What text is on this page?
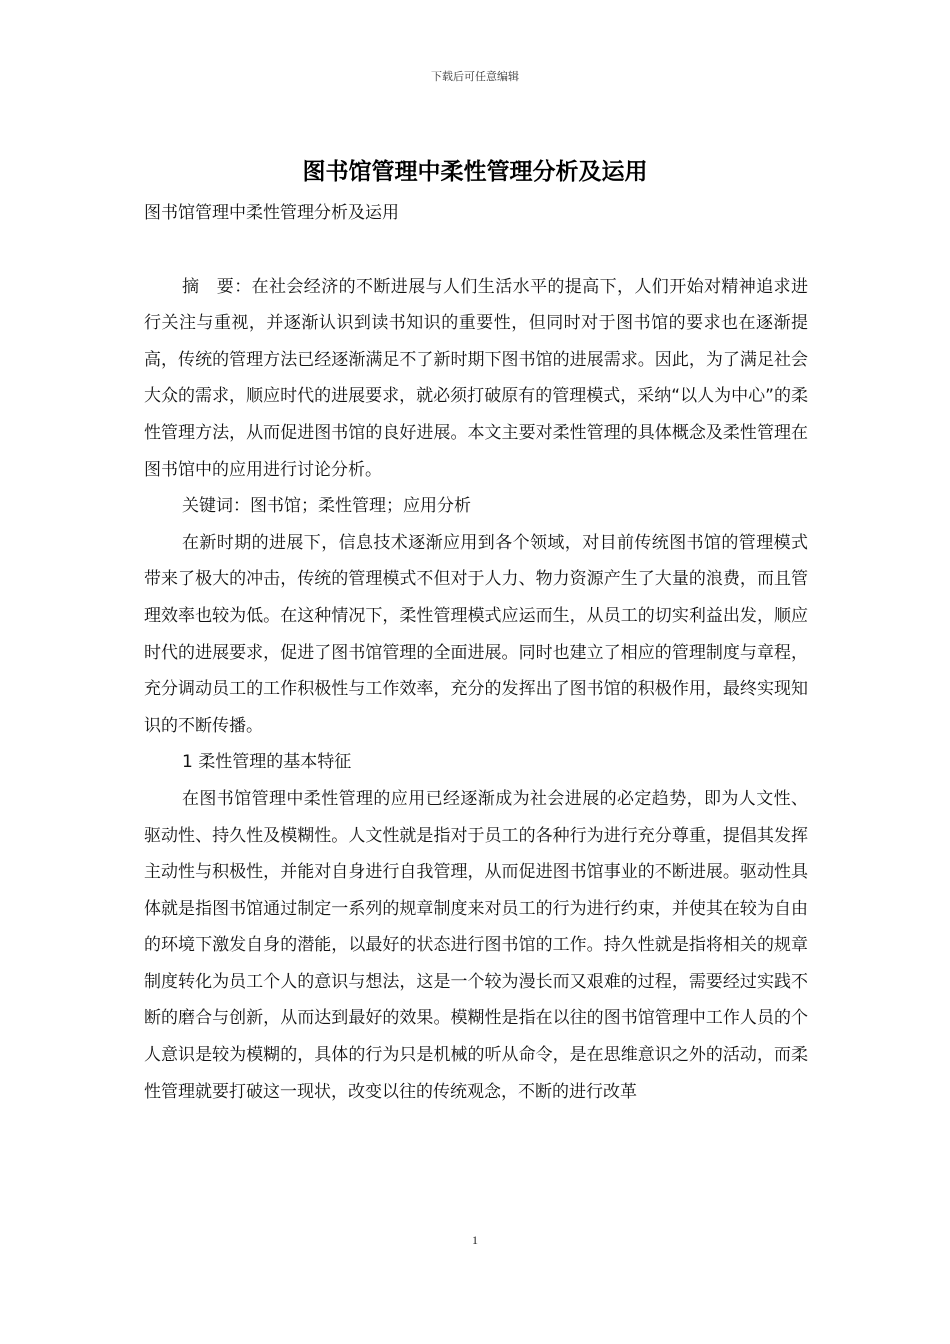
下载后可任意编辑
图书馆管理中柔性管理分析及运用

图书馆管理中柔性管理分析及运用

摘　要：在社会经济的不断进展与人们生活水平的提高下，人们开始对精神追求进行关注与重视，并逐渐认识到读书知识的重要性，但同时对于图书馆的要求也在逐渐提高，传统的管理方法已经逐渐满足不了新时期下图书馆的进展需求。因此，为了满足社会大众的需求，顺应时代的进展要求，就必须打破原有的管理模式，采纳“以人为中心”的柔性管理方法，从而促进图书馆的良好进展。本文主要对柔性管理的具体概念及柔性管理在图书馆中的应用进行讨论分析。

关键词：图书馆；柔性管理；应用分析

在新时期的进展下，信息技术逐渐应用到各个领域，对目前传统图书馆的管理模式带来了极大的冲击，传统的管理模式不但对于人力、物力资源产生了大量的浪费，而且管理效率也较为低。在这种情况下，柔性管理模式应运而生，从员工的切实利益出发，顺应时代的进展要求，促进了图书馆管理的全面进展。同时也建立了相应的管理制度与章程，充分调动员工的工作积极性与工作效率，充分的发挥出了图书馆的积极作用，最终实现知识的不断传播。

1 柔性管理的基本特征

在图书馆管理中柔性管理的应用已经逐渐成为社会进展的必定趋势，即为人文性、驱动性、持久性及模糊性。人文性就是指对于员工的各种行为进行充分尊重，提倡其发挥主动性与积极性，并能对自身进行自我管理，从而促进图书馆事业的不断进展。驱动性具体就是指图书馆通过制定一系列的规章制度来对员工的行为进行约束，并使其在较为自由的环境下激发自身的潜能，以最好的状态进行图书馆的工作。持久性就是指将相关的规章制度转化为员工个人的意识与想法，这是一个较为漫长而又艰难的过程，需要经过实践不断的磨合与创新，从而达到最好的效果。模糊性是指在以往的图书馆管理中工作人员的个人意识是较为模糊的，具体的行为只是机械的听从命令，是在思维意识之外的活动，而柔性管理就要打破这一现状，改变以往的传统观念，不断的进行改革

1
